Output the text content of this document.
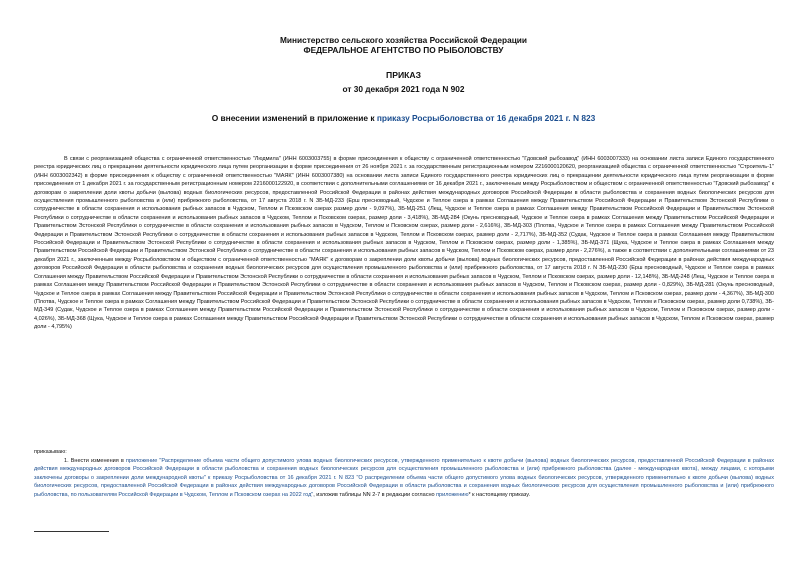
Министерство сельского хозяйства Российской Федерации
ФЕДЕРАЛЬНОЕ АГЕНТСТВО ПО РЫБОЛОВСТВУ
ПРИКАЗ
от 30 декабря 2021 года N 902
О внесении изменений в приложение к приказу Росрыболовства от 16 декабря 2021 г. N 823

В связи с реорганизацией общества с ограниченной ответственностью "Людмила" (ИНН 6003003755) в форме присоединения к обществу с ограниченной ответственностью "Гдовский рыбозавод" (ИНН 6003007333) на основании листа записи Единого государственного реестра юридических лиц о прекращении деятельности юридического лица путем реорганизации в форме присоединения от 26 ноября 2021 г. за государственным регистрационным номером 2216000120620, реорганизацией общества с ограниченной ответственностью "Строитель-1" (ИНН 6003002342) в форме присоединения к обществу с ограниченной ответственностью "МАЯК" (ИНН 6003007380) на основании листа записи Единого государственного реестра юридических лиц о прекращении деятельности юридического лица путем реорганизации в форме присоединения от 1 декабря 2021 г. за государственным регистрационным номером 2216000122920, в соответствии с дополнительными соглашениями от 16 декабря 2021 г., заключенным между Росрыболовством и обществом с ограниченной ответственностью "Гдовский рыбозавод" к договорам о закреплении доли квоты добычи (вылова) водных биологических ресурсов, предоставленной Российской Федерации в районах действия международных договоров Российской Федерации в области рыболовства и сохранения водных биологических ресурсов для осуществления промышленного рыболовства и (или) прибрежного рыболовства, от 17 августа 2018 г. N ЗБ-МД-233 (Ерш пресноводный, Чудское и Теплое озера в рамках Соглашения между Правительством Российской Федерации и Правительством Эстонской Республики о сотрудничестве в области сохранения и использования рыбных запасов в Чудском, Теплом и Псковском озерах размер доли - 9,097%), ЗБ-МД-251 (Лещ, Чудское и Теплое озера в рамках Соглашения между Правительством Российской Федерации и Правительством Эстонской Республики о сотрудничестве в области сохранения и использования рыбных запасов в Чудском, Теплом и Псковском озерах, размер доли - 3,418%), ЗБ-МД-284 (Окунь пресноводный, Чудское и Теплое озера в рамках Соглашения между Правительством Российской Федерации и Правительством Эстонской Республики о сотрудничестве в области сохранения и использования рыбных запасов в Чудском, Теплом и Псковском озерах, размер доли - 2,616%), ЗБ-МД-303 (Плотва, Чудское и Теплое озера в рамках Соглашения между Правительством Российской Федерации и Правительством Эстонской Республики о сотрудничестве в области сохранения и использования рыбных запасов в Чудском, Теплом и Псковском озерах, размер доли - 2,717%), ЗБ-МД-352 (Судак, Чудское и Теплое озера в рамках Соглашения между Правительством Российской Федерации и Правительством Эстонской Республики о сотрудничестве в области сохранения и использования рыбных запасов в Чудском, Теплом и Псковском озерах, размер доли - 1,385%), ЗБ-МД-371 (Щука, Чудское и Теплое озера в рамках Соглашения между Правительством Российской Федерации и Правительством Эстонской Республики о сотрудничестве в области сохранения и использования рыбных запасов в Чудском, Теплом и Псковском озерах, размер доли - 2,276%), а также в соответствии с дополнительными соглашениями от 23 декабря 2021 г., заключенным между Росрыболовством и обществом с ограниченной ответственностью "МАЯК" к договорам о закреплении доли квоты добычи (вылова) водных биологических ресурсов, предоставленной Российской Федерации в районах действия международных договоров Российской Федерации в области рыболовства и сохранения водных биологических ресурсов для осуществления промышленного рыболовства и (или) прибрежного рыболовства, от 17 августа 2018 г. N ЗБ-МД-230 (Ерш пресноводный, Чудское и Теплое озера в рамках Соглашения между Правительством Российской Федерации и Правительством Эстонской Республики о сотрудничестве в области сохранения и использования рыбных запасов в Чудском, Теплом и Псковском озерах, размер доли - 12,148%), ЗБ-МД-248 (Лещ, Чудское и Теплое озера в рамках Соглашения между Правительством Российской Федерации и Правительством Эстонской Республики о сотрудничестве в области сохранения и использования рыбных запасов в Чудском, Теплом и Псковском озерах, размер доли - 0,829%), ЗБ-МД-281 (Окунь пресноводный, Чудское и Теплое озера в рамках Соглашения между Правительством Российской Федерации и Правительством Эстонской Республики о сотрудничестве в области сохранения и использования рыбных запасов в Чудском, Теплом и Псковском озерах, размер доли - 4,367%), ЗБ-МД-300 (Плотва, Чудское и Теплое озера в рамках Соглашения между Правительством Российской Федерации и Правительством Эстонской Республики о сотрудничестве в области сохранения и использования рыбных запасов в Чудском, Теплом и Псковском озерах, размер доли 0,738%), ЗБ-МД-349 (Судак, Чудское и Теплое озера в рамках Соглашения между Правительством Российской Федерации и Правительством Эстонской Республики о сотрудничестве в области сохранения и использования рыбных запасов в Чудском, Теплом и Псковском озерах, размер доли - 4,026%), ЗБ-МД-368 (Щука, Чудское и Теплое озера в рамках Соглашения между Правительством Российской Федерации и Правительством Эстонской Республики о сотрудничестве в области сохранения и использования рыбных запасов в Чудском, Теплом и Псковском озерах, размер доли - 4,795%)

приказываю:

1. Внести изменения в приложение "Распределение объема части общего допустимого улова водных биологических ресурсов, утвержденного применительно к квоте добычи (вылова) водных биологических ресурсов, предоставленной Российской Федерации в районах действия международных договоров Российской Федерации в области рыболовства и сохранения водных биологических ресурсов для осуществления промышленного рыболовства и (или) прибрежного рыболовства (далее - международная квота), между лицами, с которыми заключены договоры о закреплении доли международной квоты" к приказу Росрыболовства от 16 декабря 2021 г. N 823 "О распределении объема части общего допустимого улова водных биологических ресурсов, утвержденного применительно к квоте добычи (вылова) водных биологических ресурсов, предоставленной Российской Федерации в районах действия международных договоров Российской Федерации в области рыболовства и сохранения водных биологических ресурсов для осуществления промышленного рыболовства и (или) прибрежного рыболовства, по пользователям Российской Федерации в Чудском, Теплом и Псковском озерах на 2022 год", изложив таблицы NN 2-7 в редакции согласно приложению* к настоящему приказу.
